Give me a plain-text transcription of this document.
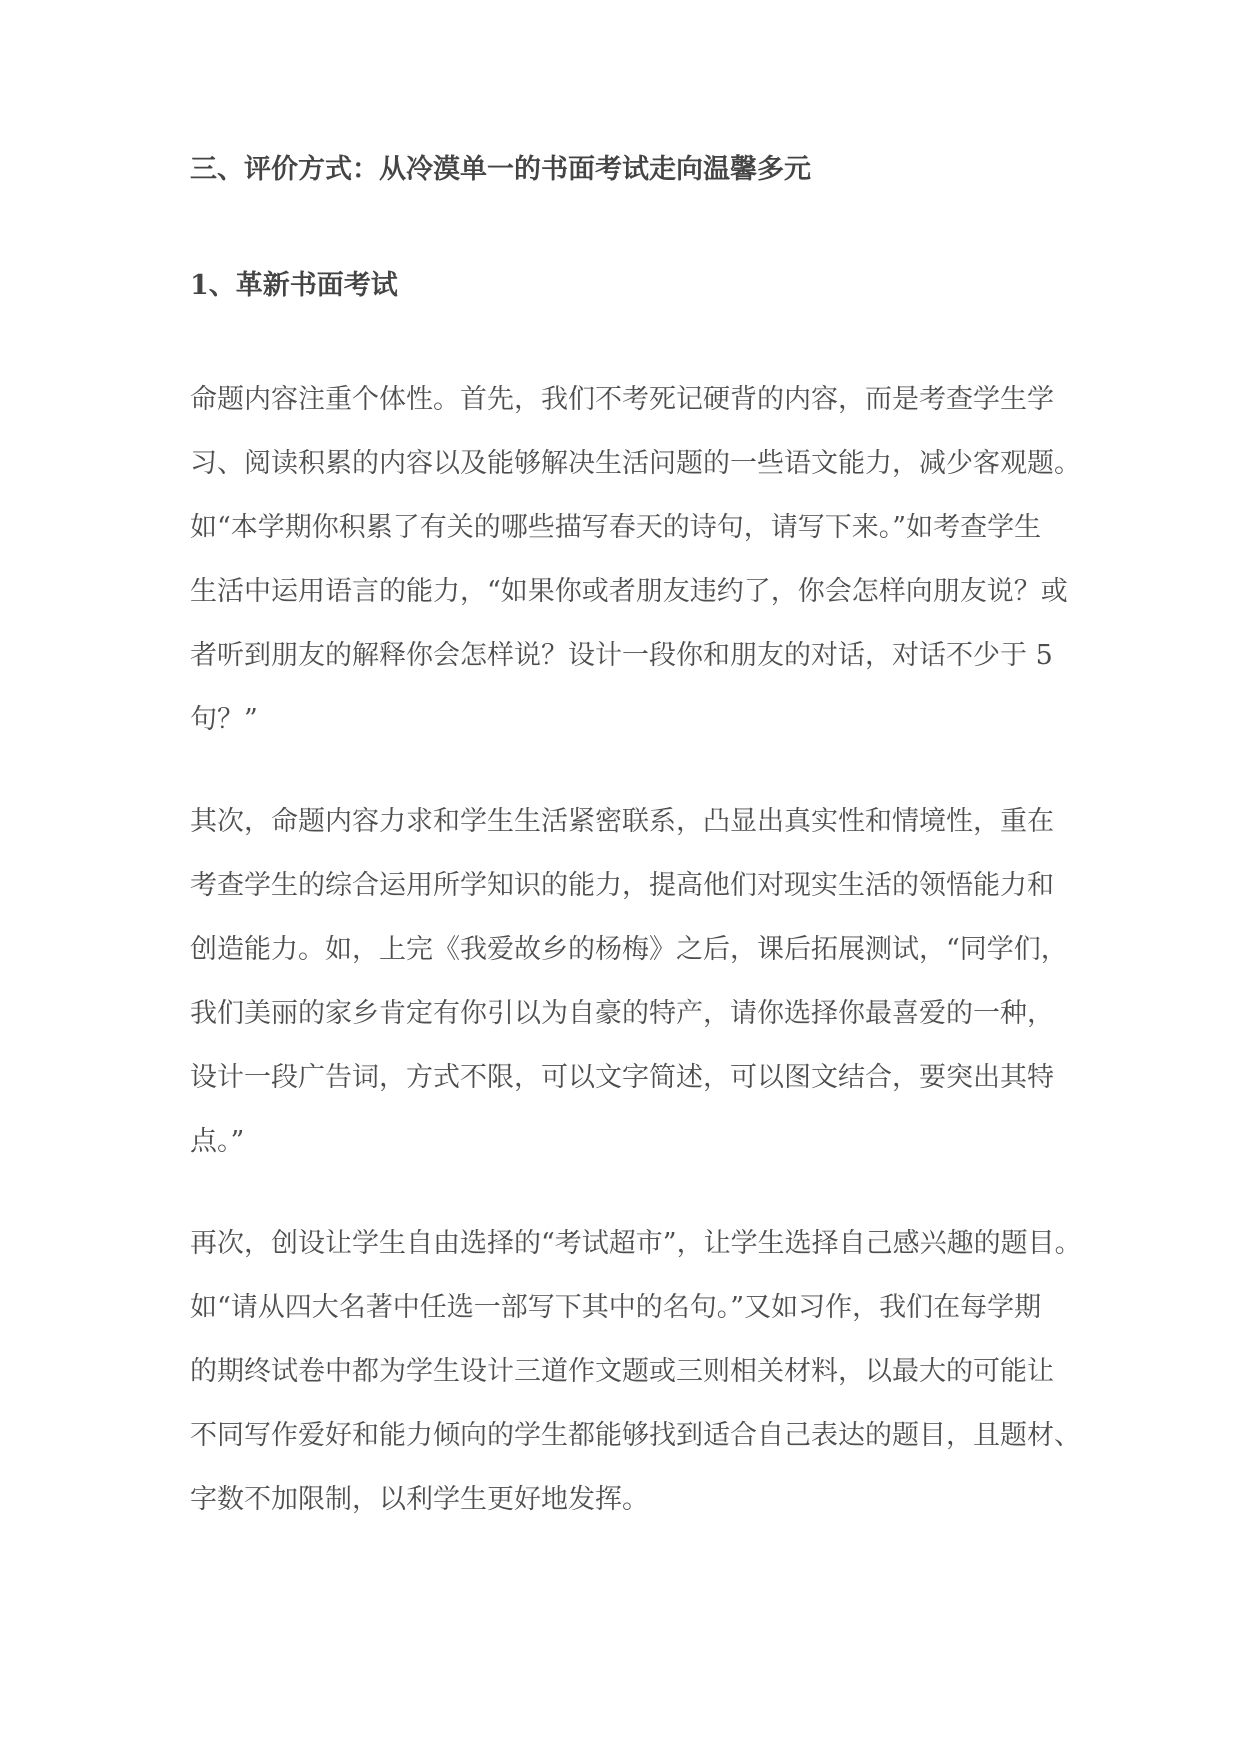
三、评价方式：从冷漠单一的书面考试走向温馨多元
1、革新书面考试

命题内容注重个体性。首先，我们不考死记硬背的内容，而是考查学生学
习、阅读积累的内容以及能够解决生活问题的一些语文能力，减少客观题。
如“本学期你积累了有关的哪些描写春天的诗句，请写下来。”如考查学生
生活中运用语言的能力，“如果你或者朋友违约了，你会怎样向朋友说？或
者听到朋友的解释你会怎样说？设计一段你和朋友的对话，对话不少于 5
句？”

其次，命题内容力求和学生生活紧密联系，凸显出真实性和情境性，重在
考查学生的综合运用所学知识的能力，提高他们对现实生活的领悟能力和
创造能力。如，上完《我爱故乡的杨梅》之后，课后拓展测试，“同学们，
我们美丽的家乡肯定有你引以为自豪的特产，请你选择你最喜爱的一种，
设计一段广告词，方式不限，可以文字简述，可以图文结合，要突出其特
点。”

再次，创设让学生自由选择的“考试超市”，让学生选择自己感兴趣的题目。
如“请从四大名著中任选一部写下其中的名句。”又如习作，我们在每学期
的期终试卷中都为学生设计三道作文题或三则相关材料，以最大的可能让
不同写作爱好和能力倾向的学生都能够找到适合自己表达的题目，且题材、
字数不加限制，以利学生更好地发挥。
